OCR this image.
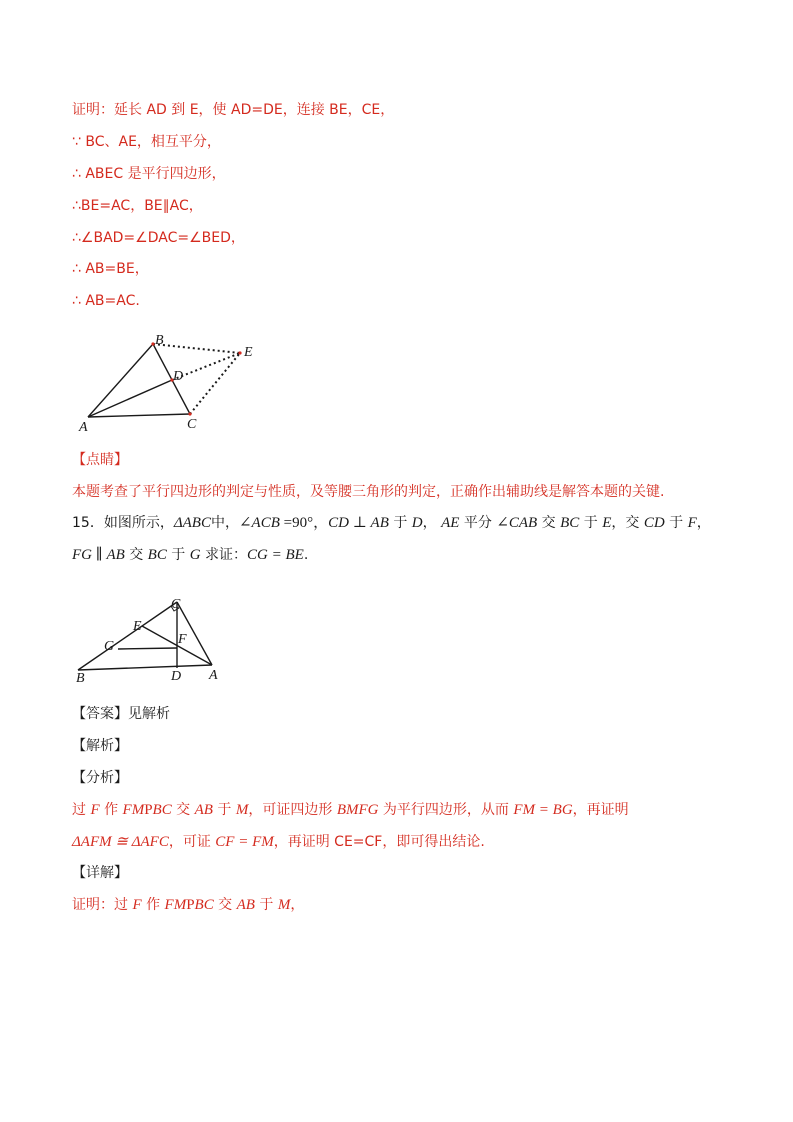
证明：延长 AD 到 E，使 AD=DE，连接 BE，CE，
∵ BC、AE，相互平分，
∴ ABEC 是平行四边形，
∴BE=AC，BE∥AC，
∴∠BAD=∠DAC=∠BED，
∴ AB=BE，
∴ AB=AC.
B
D
E
A	C
【点睛】
本题考查了平行四边形的判定与性质，及等腰三角形的判定，正确作出辅助线是解答本题的关键.
15．如图所示，ΔABC中，∠ACB =90°，CD ⊥ AB 于 D， AE 平分 ∠CAB 交 BC 于 E，交 CD 于 F，
FG ∥ AB 交 BC 于 G 求证：CG = BE.
C
E
F
G
B	D A
【答案】见解析
【解析】
【分析】
过 F 作 FMPBC 交 AB 于 M，可证四边形 BMFG 为平行四边形，从而 FM = BG，再证明
ΔAFM ≅ ΔAFC，可证 CF = FM，再证明 CE=CF，即可得出结论.
【详解】
证明：过 F 作 FMPBC 交 AB 于 M，
